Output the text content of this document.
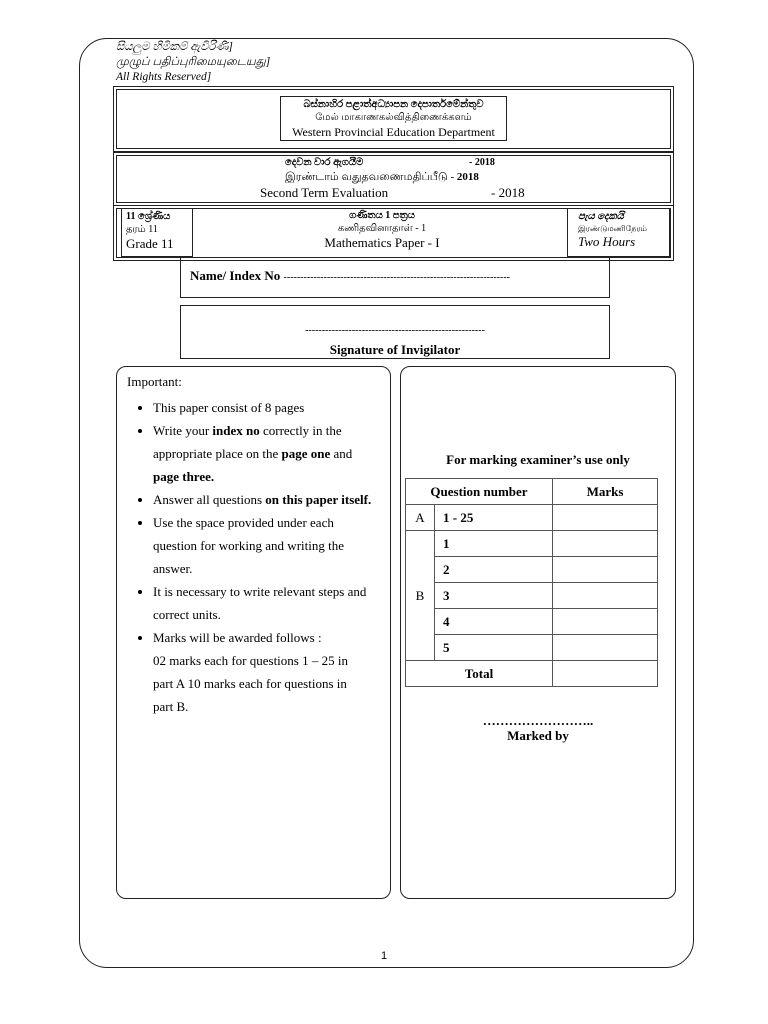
සියලුම හිමිකම් ඇවිරිණි]
முழுப் பதிப்புரிமையுடையது]
All Rights Reserved]
බස්නාහිර පළාත්අධ්‍යාපන දෙපාර්තමේන්තුව
மேல் மாகாணகல்வித்திணைக்களம்
Western Provincial Education Department
දෙවන වාර ඇගයීම	- 2018
இரண்டாம் வதுதவணைமதிப்பீடு - 2018
Second Term Evaluation	- 2018
11 ශ්‍රේණිය
தரம் 11
Grade 11
ගණිතය 1 පත්‍රය
கணிதவினாதாள் - 1
Mathematics Paper - I
පැය දෙකයි
இரண்டுமணிநேரம்
Two Hours
Name/ Index No --------------------------------------------------------------------
------------------------------------------------------
Signature of Invigilator
Important:
• This paper consist of 8 pages
• Write your index no correctly in the appropriate place on the page one and page three.
• Answer all questions on this paper itself.
• Use the space provided under each question for working and writing the answer.
• It is necessary to write relevant steps and correct units.
• Marks will be awarded follows :
02 marks each for questions 1 – 25 in
part A 10 marks each for questions in
part B.
For marking examiner’s use only
……………………..
Marked by
Question number		Marks
A	1 - 25	
B	1	
	2	
	3	
	4	
	5	
Total		
1
